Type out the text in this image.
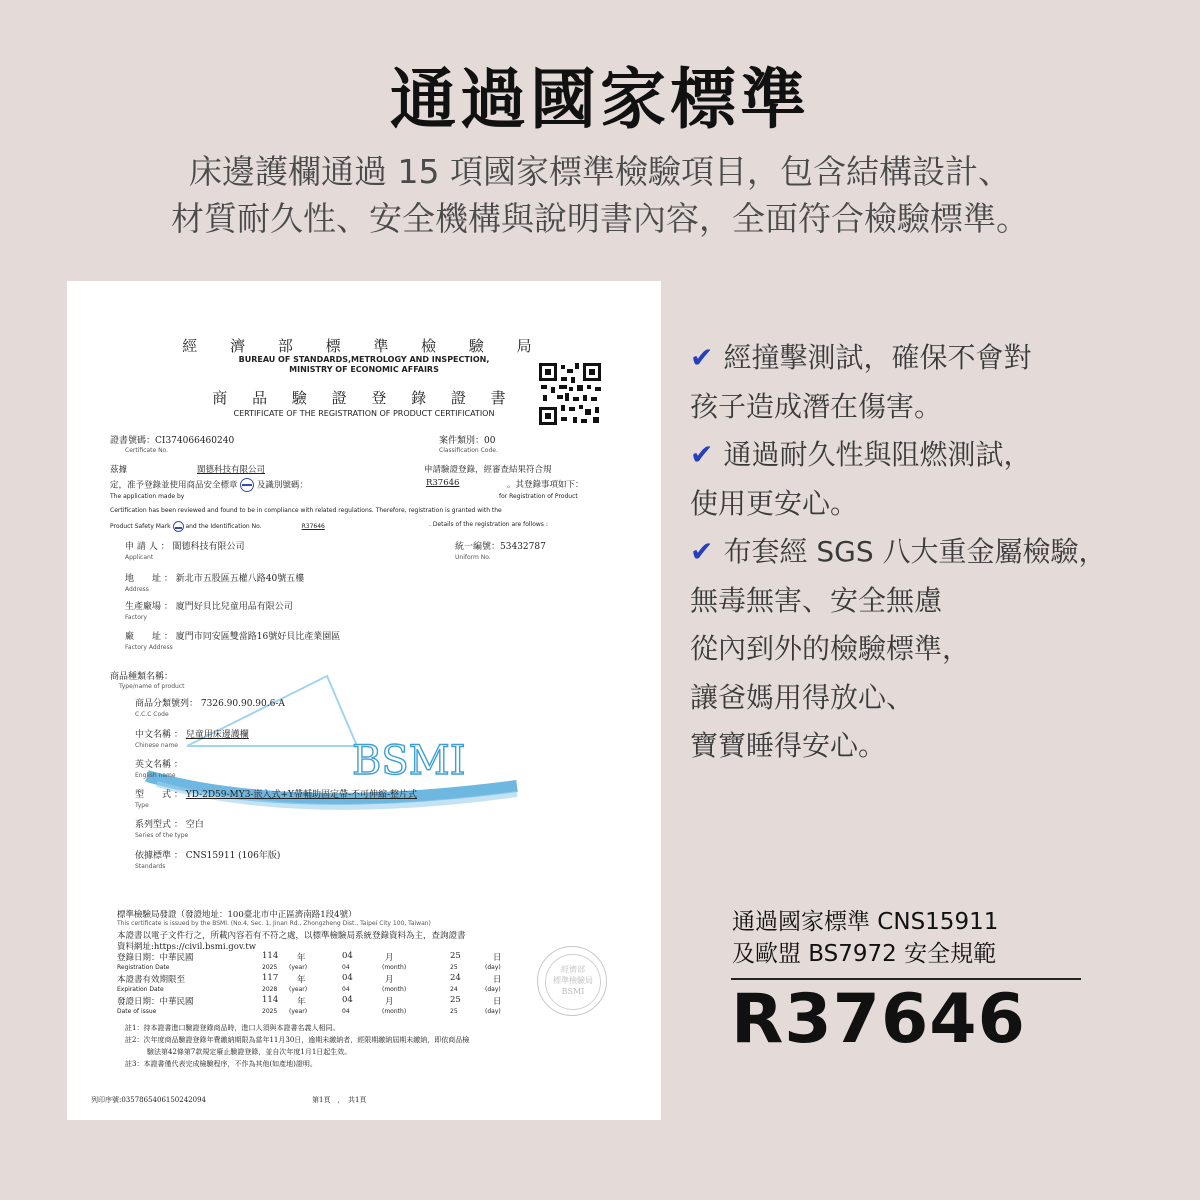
通過國家標準
床邊護欄通過 15 項國家標準檢驗項目，包含結構設計、
材質耐久性、安全機構與說明書內容，全面符合檢驗標準。
經 濟 部 標 準 檢 驗 局
BUREAU OF STANDARDS,METROLOGY AND INSPECTION,
MINISTRY OF ECONOMIC AFFAIRS
商 品 驗 證 登 錄 證 書
CERTIFICATE OF THE REGISTRATION OF PRODUCT CERTIFICATION
證書號碼：CI374066460240
Certificate No.
案件類別：00
Classification Code.
茲據	閩德科技有限公司	申請驗證登錄，經審查結果符合規
定，准予登錄並使用商品安全標章 及識別號碼：	R37646	。其登錄事項如下：
The application made by	for Registration of Product
Certification has been reviewed and found to be in compliance with related regulations. Therefore, registration is granted with the
Product Safety Mark and the Identification No.	R37646	. Details of the registration are follows :
申 請 人 ： 閩德科技有限公司
Applicant
統一編號：53432787
Uniform No.
地　　址 ： 新北市五股區五權八路40號五樓
Address
生產廠場 ： 廈門好貝比兒童用品有限公司
Factory
廠　　址 ： 廈門市同安區雙當路16號好貝比產業園區
Factory Address
BSMI
商品種類名稱：
Type/name of product
商品分類號列： 7326.90.90.90.6-A
C.C.C Code
中文名稱 ： 兒童用床邊護欄
Chinese name
英文名稱 ：
English name
型　　式 ： YD-2D59-MY3-嵌入式+Y帶輔助固定帶-不可伸縮-整片式
Type
系列型式 ： 空白
Series of the type
依據標準 ： CNS15911 (106年版)
Standards
標準檢驗局發證（發證地址：100臺北市中正區濟南路1段4號）
This certificate is issued by the BSMI. (No.4, Sec. 1, Jinan Rd., Zhongzheng Dist., Taipei City 100, Taiwan)
本證書以電子文件行之，所載內容若有不符之處，以標準檢驗局系統登錄資料為主，查詢證書
資料網址:https://civil.bsmi.gov.tw
登錄日期：中華民國	114 年	04	月	25	日
Registration Date	2025 (year)	04	(month)	25	(day)
本證書有效期限至	117 年	04	月	24	日
Expiration Date	2028 (year)	04	(month)	24	(day)
發證日期：中華民國	114 年	04	月	25	日
Date of issue	2025 (year)	04	(month)	25	(day)
經濟部
標準檢驗局
BSMI
註1：持本證書進口驗證登錄商品時，進口人須與本證書名義人相同。
註2：次年度商品驗證登錄年費繳納期限為當年11月30日，逾期未繳納者，經限期繳納屆期未繳納，即依商品檢
驗法第42條第7款規定廢止驗證登錄，並自次年度1月1日起生效。
註3：本證書僅代表完成檢驗程序，不作為其他(如產地)證明。
列印序號:0357865406150242094	第1頁　，　共1頁
✔ 經撞擊測試，確保不會對
孩子造成潛在傷害。
✔ 通過耐久性與阻燃測試，
使用更安心。
✔ 布套經 SGS 八大重金屬檢驗，
無毒無害、安全無慮
從內到外的檢驗標準，
讓爸媽用得放心、
寶寶睡得安心。
通過國家標準 CNS15911
及歐盟 BS7972 安全規範
R37646
